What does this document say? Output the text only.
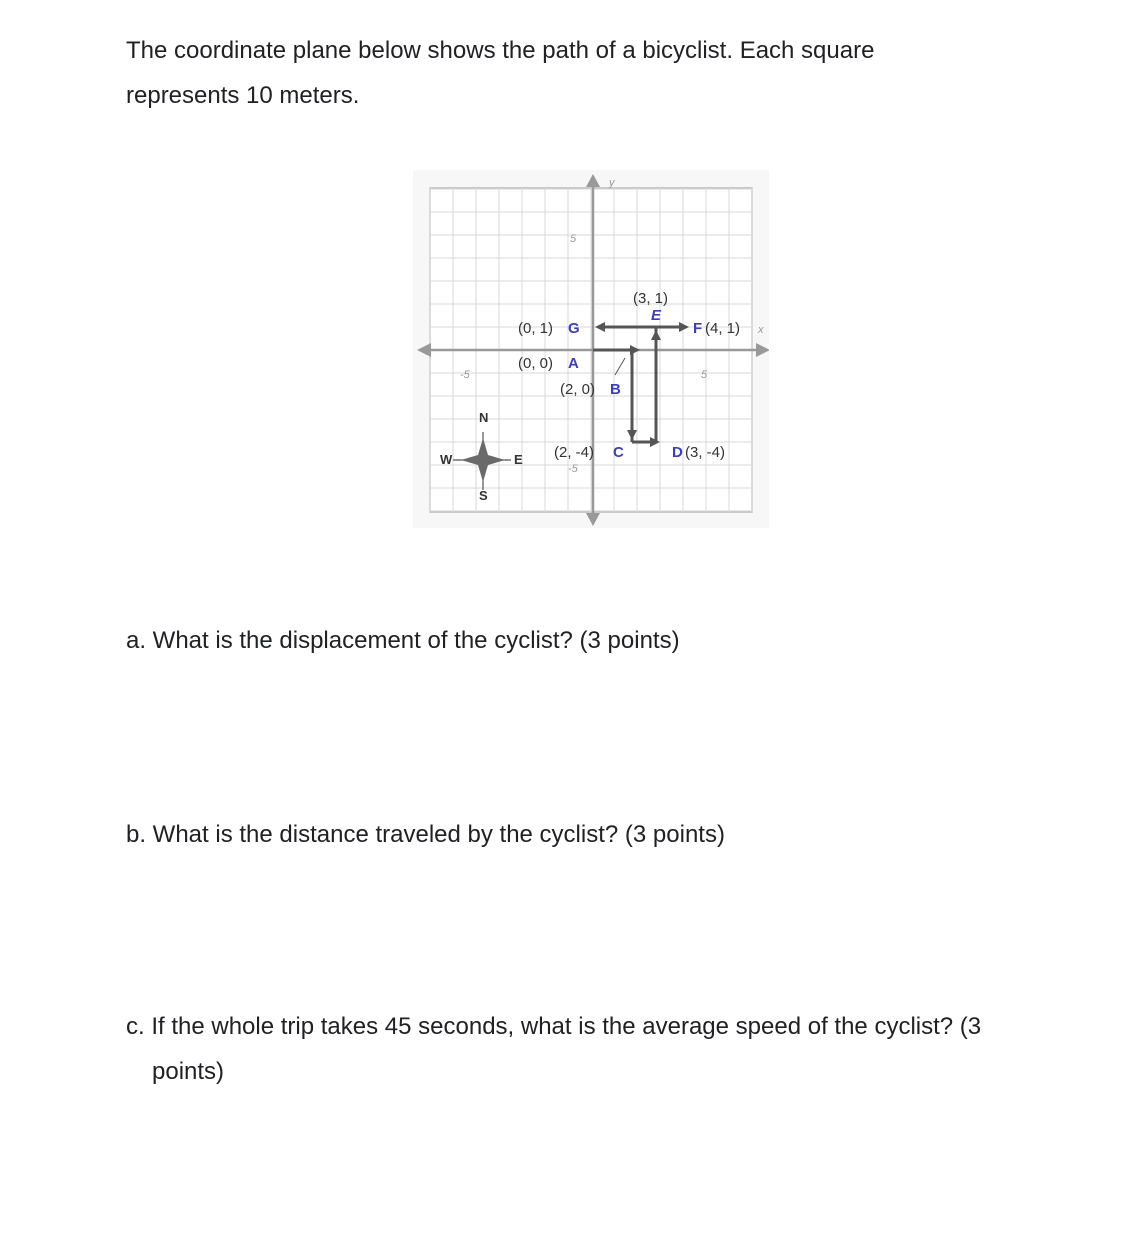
The coordinate plane below shows the path of a bicyclist. Each square
represents 10 meters.

y
x
5
-5
-5	5
(3, 1)
E
(0, 1) G	F (4, 1)
(0, 0) A
(2, 0) B
(2, -4) C	D (3, -4)
N
S
W	E

a. What is the displacement of the cyclist? (3 points)

b. What is the distance traveled by the cyclist? (3 points)

c. If the whole trip takes 45 seconds, what is the average speed of the cyclist? (3
points)
